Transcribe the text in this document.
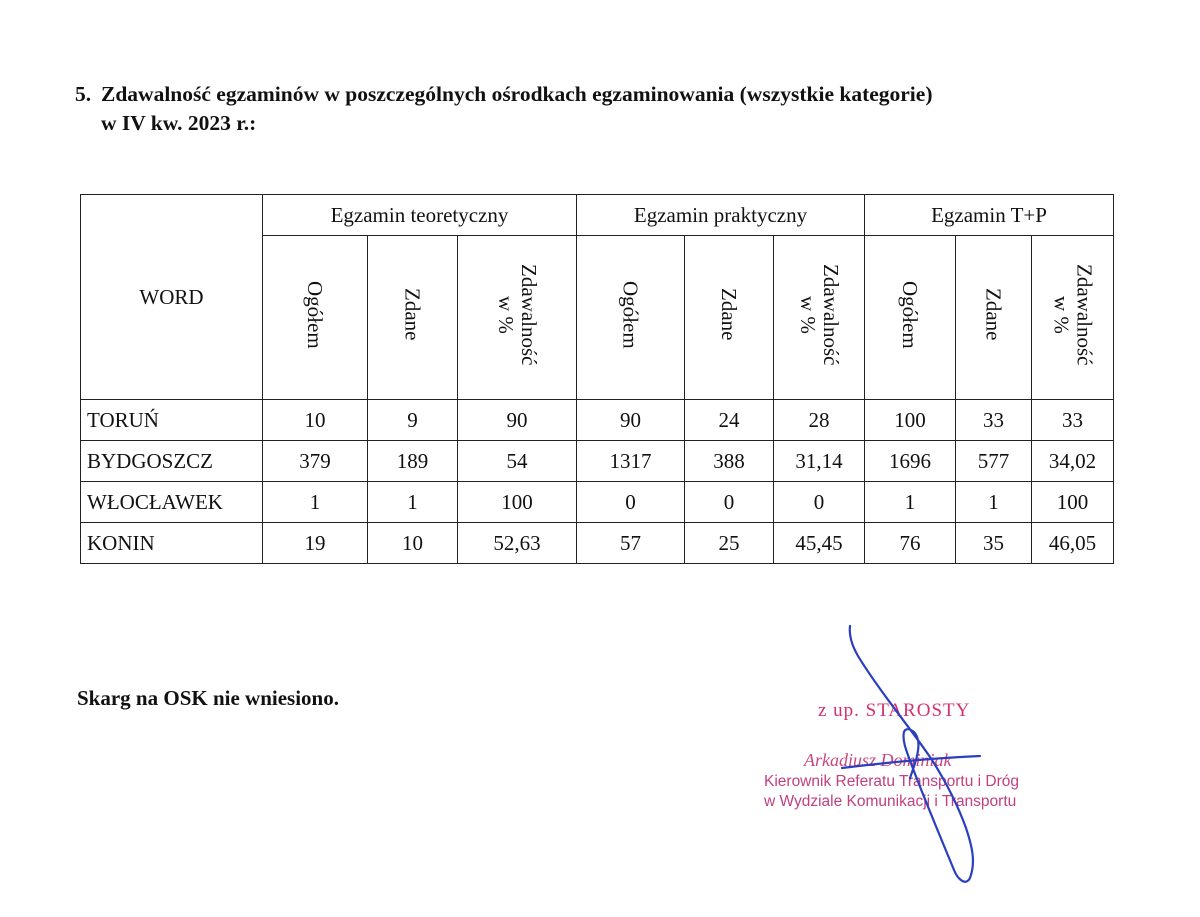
5. Zdawalność egzaminów w poszczególnych ośrodkach egzaminowania (wszystkie kategorie)
w IV kw. 2023 r.:
WORD	Egzamin teoretyczny			Egzamin praktyczny			Egzamin T+P		
	Ogółem	Zdane	Zdawalność
w %	Ogółem	Zdane	Zdawalność
w %	Ogółem	Zdane	Zdawalność
w %
TORUŃ	10	9	90	90	24	28	100	33	33
BYDGOSZCZ	379	189	54	1317	388	31,14	1696	577	34,02
WŁOCŁAWEK	1	1	100	0	0	0	1	1	100
KONIN	19	10	52,63	57	25	45,45	76	35	46,05
Skarg na OSK nie wniesiono.
z up. STAROSTY
Arkadiusz Dominiak
Kierownik Referatu Transportu i Dróg
w Wydziale Komunikacji i Transportu
